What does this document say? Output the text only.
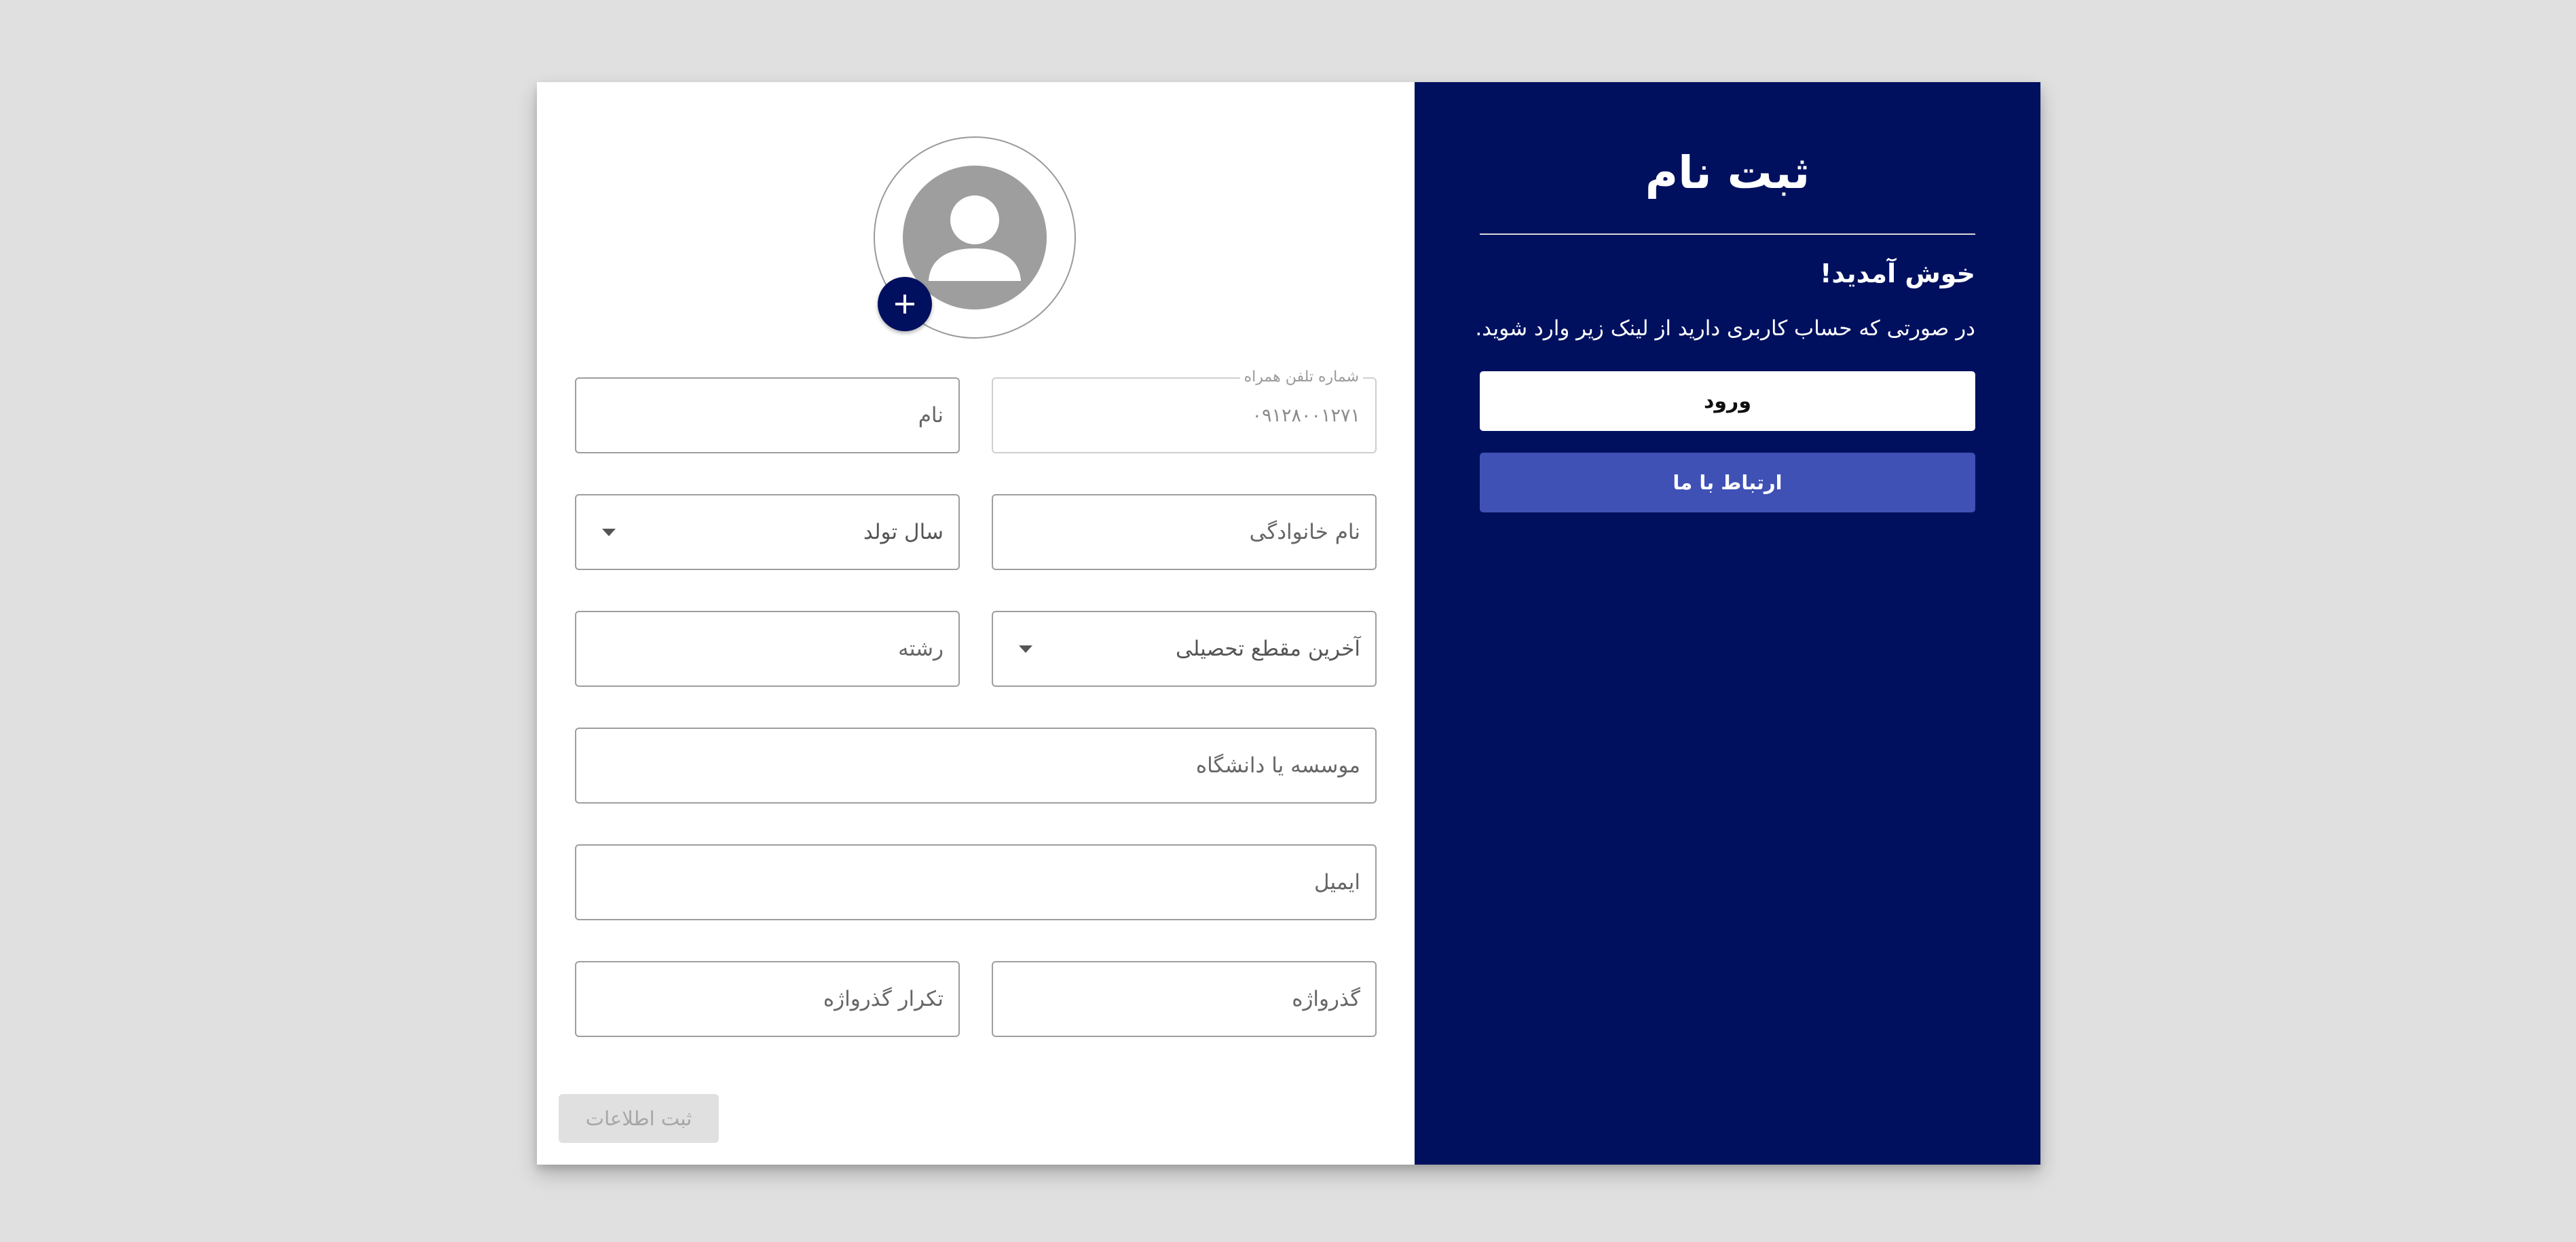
شماره تلفن همراه
۰۹۱۲۸۰۰۱۲۷۱
نام
نام خانوادگی
سال تولد
آخرین مقطع تحصیلی
رشته
موسسه یا دانشگاه
ایمیل
ثبت اطلاعات
ثبت نام
خوش آمدید!
در صورتی که حساب کاربری دارید از لینک زیر وارد شوید.
ورود
ارتباط با ما
